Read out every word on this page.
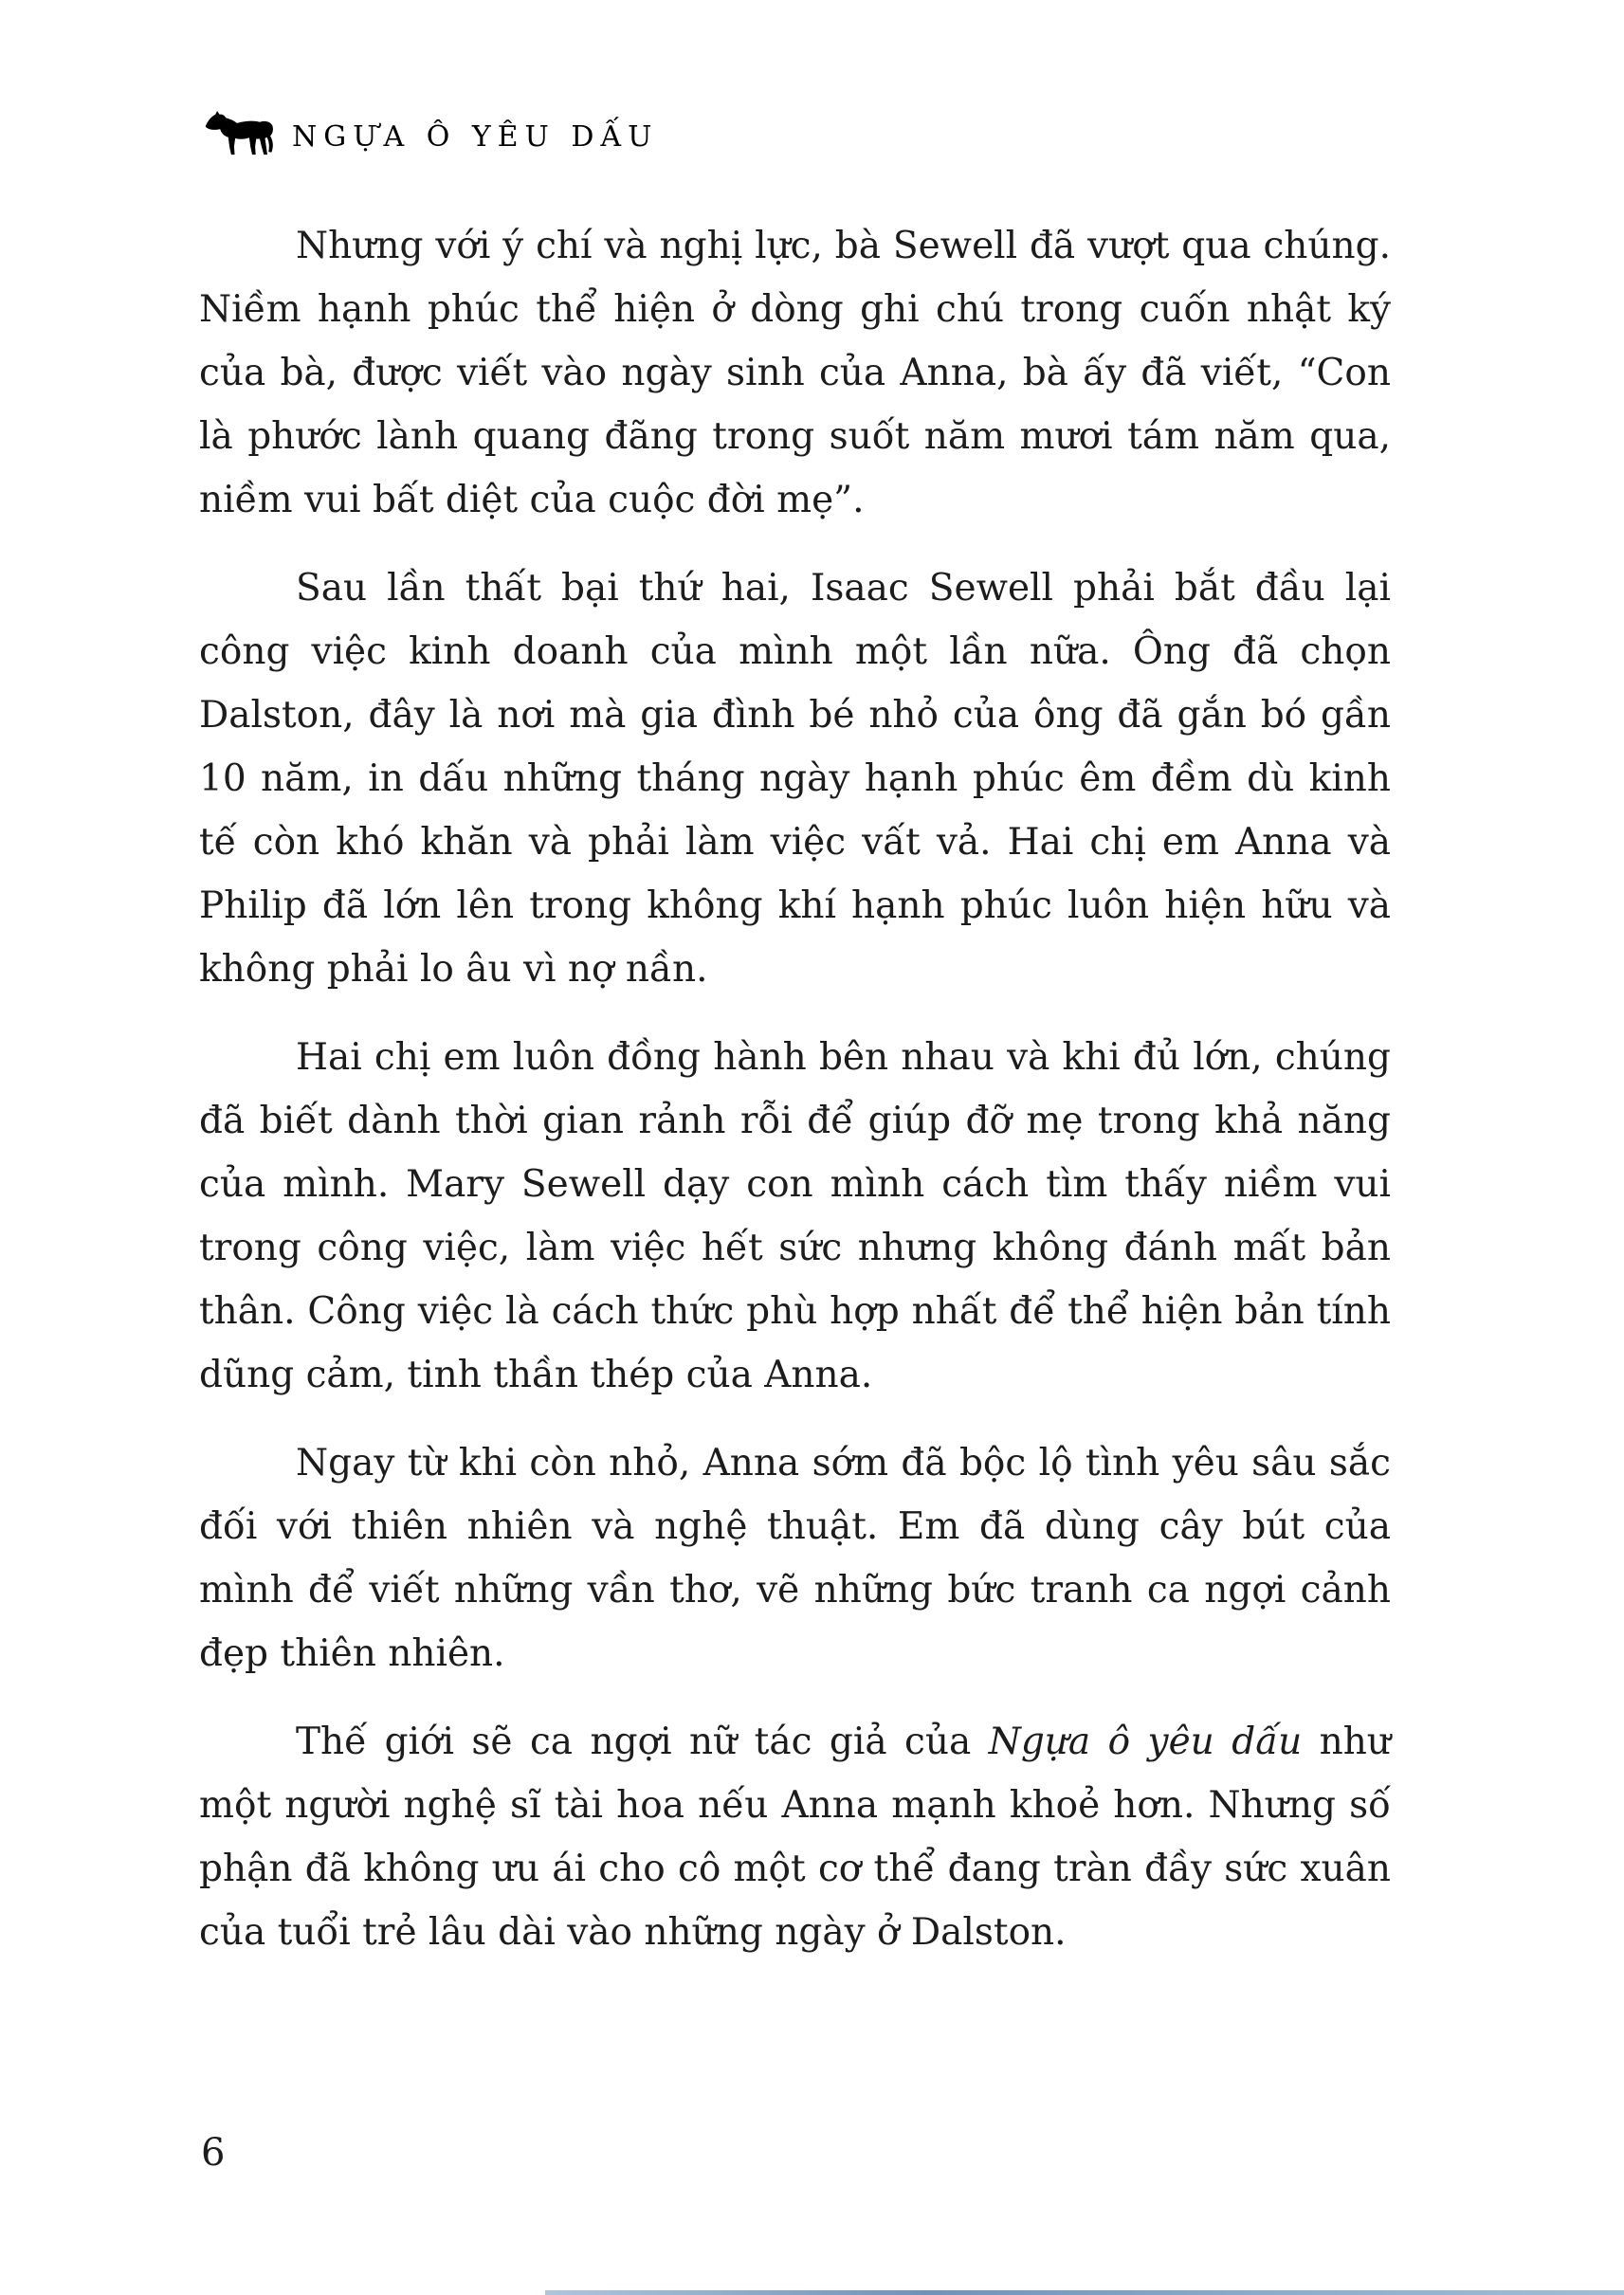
NGỰA Ô YÊU DẤU

Nhưng với ý chí và nghị lực, bà Sewell đã vượt qua chúng. Niềm hạnh phúc thể hiện ở dòng ghi chú trong cuốn nhật ký của bà, được viết vào ngày sinh của Anna, bà ấy đã viết, “Con là phước lành quang đãng trong suốt năm mươi tám năm qua, niềm vui bất diệt của cuộc đời mẹ”.

Sau lần thất bại thứ hai, Isaac Sewell phải bắt đầu lại công việc kinh doanh của mình một lần nữa. Ông đã chọn Dalston, đây là nơi mà gia đình bé nhỏ của ông đã gắn bó gần 10 năm, in dấu những tháng ngày hạnh phúc êm đềm dù kinh tế còn khó khăn và phải làm việc vất vả. Hai chị em Anna và Philip đã lớn lên trong không khí hạnh phúc luôn hiện hữu và không phải lo âu vì nợ nần.

Hai chị em luôn đồng hành bên nhau và khi đủ lớn, chúng đã biết dành thời gian rảnh rỗi để giúp đỡ mẹ trong khả năng của mình. Mary Sewell dạy con mình cách tìm thấy niềm vui trong công việc, làm việc hết sức nhưng không đánh mất bản thân. Công việc là cách thức phù hợp nhất để thể hiện bản tính dũng cảm, tinh thần thép của Anna.

Ngay từ khi còn nhỏ, Anna sớm đã bộc lộ tình yêu sâu sắc đối với thiên nhiên và nghệ thuật. Em đã dùng cây bút của mình để viết những vần thơ, vẽ những bức tranh ca ngợi cảnh đẹp thiên nhiên.

Thế giới sẽ ca ngợi nữ tác giả của Ngựa ô yêu dấu như một người nghệ sĩ tài hoa nếu Anna mạnh khoẻ hơn. Nhưng số phận đã không ưu ái cho cô một cơ thể đang tràn đầy sức xuân của tuổi trẻ lâu dài vào những ngày ở Dalston.

6
